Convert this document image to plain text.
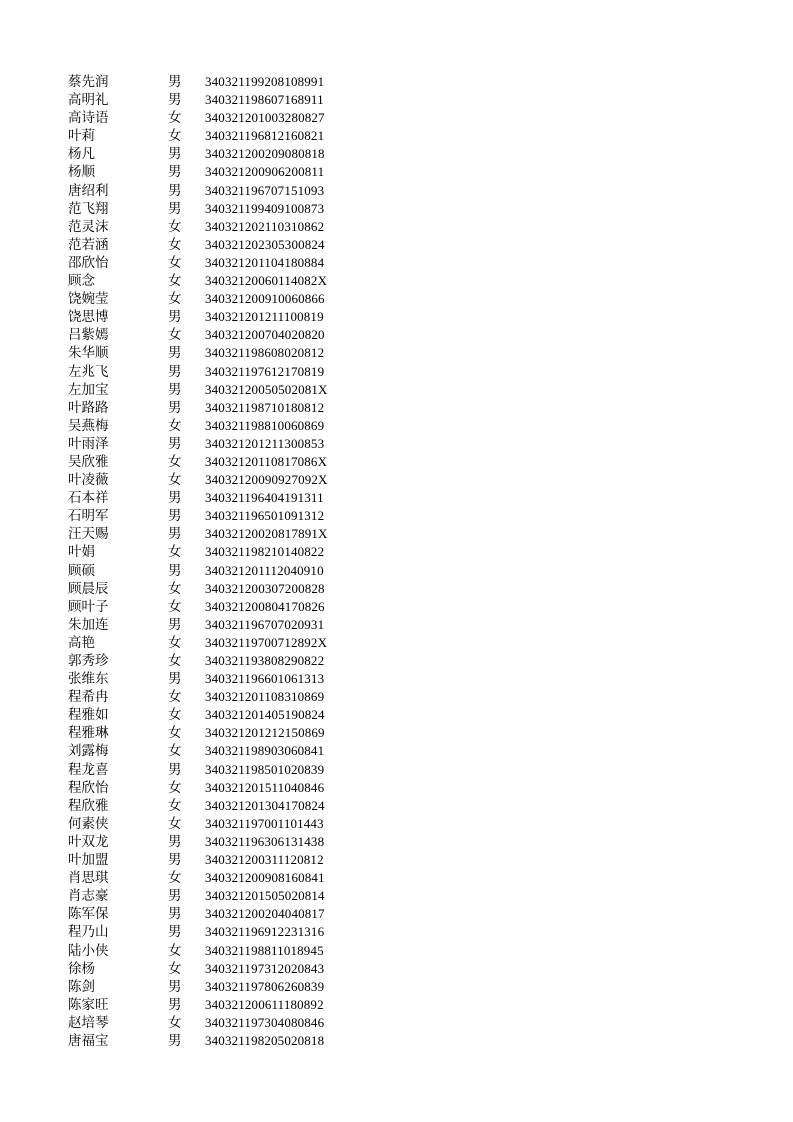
蔡先润	男	340321199208108991
高明礼	男	340321198607168911
高诗语	女	340321201003280827
叶莉	女	340321196812160821
杨凡	男	340321200209080818
杨顺	男	340321200906200811
唐绍利	男	340321196707151093
范飞翔	男	340321199409100873
范灵沫	女	340321202110310862
范若涵	女	340321202305300824
邵欣怡	女	340321201104180884
顾念	女	34032120060114082X
饶婉莹	女	340321200910060866
饶思博	男	340321201211100819
吕紫嫣	女	340321200704020820
朱华顺	男	340321198608020812
左兆飞	男	340321197612170819
左加宝	男	34032120050502081X
叶路路	男	340321198710180812
吴燕梅	女	340321198810060869
叶雨泽	男	340321201211300853
吴欣雅	女	34032120110817086X
叶凌薇	女	34032120090927092X
石本祥	男	340321196404191311
石明军	男	340321196501091312
汪天赐	男	34032120020817891X
叶娟	女	340321198210140822
顾硕	男	340321201112040910
顾晨辰	女	340321200307200828
顾叶子	女	340321200804170826
朱加连	男	340321196707020931
高艳	女	34032119700712892X
郭秀珍	女	340321193808290822
张维东	男	340321196601061313
程希冉	女	340321201108310869
程雅如	女	340321201405190824
程雅琳	女	340321201212150869
刘露梅	女	340321198903060841
程龙喜	男	340321198501020839
程欣怡	女	340321201511040846
程欣雅	女	340321201304170824
何素侠	女	340321197001101443
叶双龙	男	340321196306131438
叶加盟	男	340321200311120812
肖思琪	女	340321200908160841
肖志豪	男	340321201505020814
陈军保	男	340321200204040817
程乃山	男	340321196912231316
陆小侠	女	340321198811018945
徐杨	女	340321197312020843
陈剑	男	340321197806260839
陈家旺	男	340321200611180892
赵培琴	女	340321197304080846
唐福宝	男	340321198205020818
